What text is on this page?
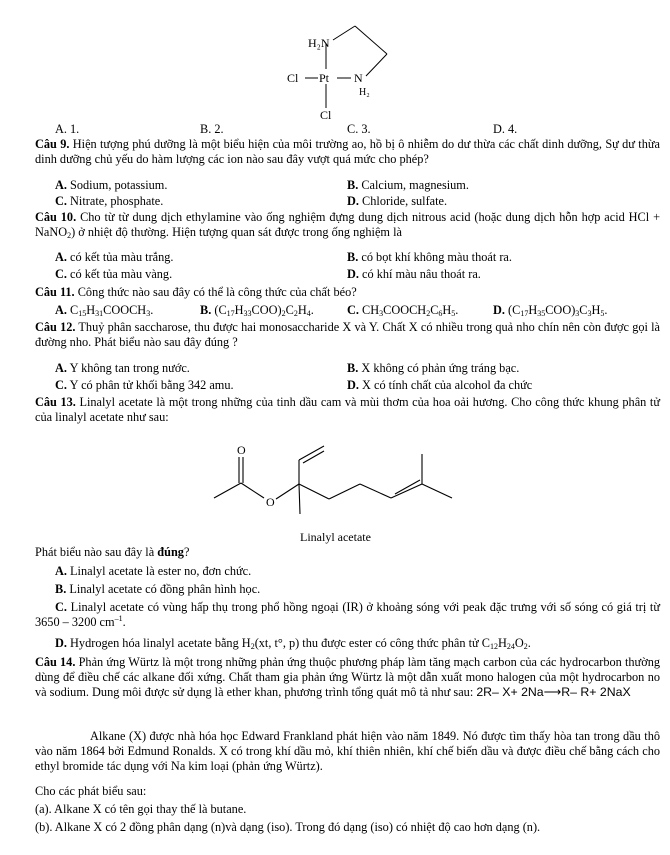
H₂N
Cl Pt N
H₂
Cl
A. 1.	B. 2.	C. 3.	D. 4.
Câu 9. Hiện tượng phú dưỡng là một biểu hiện của môi trường ao, hồ bị ô nhiễm do dư thừa các chất dinh dưỡng, Sự dư thừa dinh dưỡng chủ yếu do hàm lượng các ion nào sau đây vượt quá mức cho phép?
A. Sodium, potassium.	B. Calcium, magnesium.
C. Nitrate, phosphate.	D. Chloride, sulfate.
Câu 10. Cho từ từ dung dịch ethylamine vào ống nghiệm đựng dung dịch nitrous acid (hoặc dung dịch hỗn hợp acid HCl + NaNO$_2$) ở nhiệt độ thường. Hiện tượng quan sát được trong ống nghiệm là
A. có kết tủa màu trắng.	B. có bọt khí không màu thoát ra.
C. có kết tủa màu vàng.	D. có khí màu nâu thoát ra.
Câu 11. Công thức nào sau đây có thể là công thức của chất béo?
A. $C_{15}H_{31}COOCH_3$.	B. $(C_{17}H_{33}COO)_2C_2H_4$.	C. $CH_3COOCH_2C_6H_5$.	D. $(C_{17}H_{35}COO)_3C_3H_5$.
Câu 12. Thuỷ phân saccharose, thu được hai monosaccharide X và Y. Chất X có nhiều trong quả nho chín nên còn được gọi là đường nho. Phát biểu nào sau đây đúng ?
A. Y không tan trong nước.	B. X không có phản ứng tráng bạc.
C. Y có phân tử khối bằng 342 amu.	D. X có tính chất của alcohol đa chức
Câu 13. Linalyl acetate là một trong những của tinh dầu cam và mùi thơm của hoa oải hương. Cho công thức khung phân tử của linalyl acetate như sau:
O
O
Linalyl acetate
Phát biểu nào sau đây là đúng?
A. Linalyl acetate là ester no, đơn chức.
B. Linalyl acetate có đồng phân hình học.
C. Linalyl acetate có vùng hấp thụ trong phổ hồng ngoại (IR) ở khoảng sóng với peak đặc trưng với số sóng có giá trị từ 3650 – 3200 $cm^{-1}$.
D. Hydrogen hóa linalyl acetate bằng $H_2(xt$, t°, p) thu được ester có công thức phân tử $C_{12}H_{24}O_2$.
Câu 14. Phản ứng Würtz là một trong những phản ứng thuộc phương pháp làm tăng mạch carbon của các hydrocarbon thường dùng để điều chế các alkane đối xứng. Chất tham gia phản ứng Würtz là một dẫn xuất mono halogen của một hydrocarbon no và sodium. Dung môi được sử dụng là ether khan, phương trình tổng quát mô tả như sau: 2R– X+ 2Na⟶R– R+ 2NaX
Alkane (X) được nhà hóa học Edward Frankland phát hiện vào năm 1849. Nó được tìm thấy hòa tan trong dầu thô vào năm 1864 bởi Edmund Ronalds. X có trong khí dầu mỏ, khí thiên nhiên, khí chế biến dầu và được điều chế bằng cách cho ethyl bromide tác dụng với Na kim loại (phản ứng Würtz).
Cho các phát biểu sau:
(a). Alkane X có tên gọi thay thế là butane.
(b). Alkane X có 2 đồng phân dạng (n)và dạng (iso). Trong đó dạng (iso) có nhiệt độ cao hơn dạng (n).
